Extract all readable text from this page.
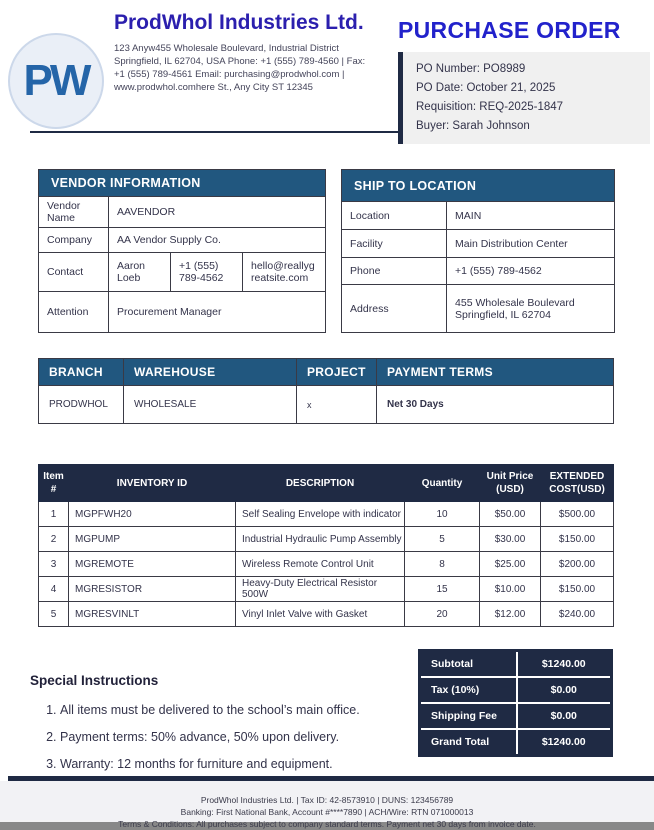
PW
ProdWhol Industries Ltd.
123 Anyw455 Wholesale Boulevard, Industrial District Springfield, IL 62704, USA Phone: +1 (555) 789-4560 | Fax: +1 (555) 789-4561 Email: purchasing@prodwhol.com | www.prodwhol.comhere St., Any City ST 12345
PURCHASE ORDER
PO Number: PO8989
PO Date: October 21, 2025
Requisition: REQ-2025-1847
Buyer: Sarah Johnson
VENDOR INFORMATION			
Vendor Name	AAVENDOR		
Company	AA Vendor Supply Co.		
Contact	Aaron Loeb	+1 (555) 789-4562	hello@reallygreatsite.com
Attention	Procurement Manager		
SHIP TO LOCATION	
Location	MAIN
Facility	Main Distribution Center
Phone	+1 (555) 789-4562
Address	455 Wholesale Boulevard
Springfield, IL 62704
BRANCH	WAREHOUSE	PROJECT	PAYMENT TERMS
PRODWHOL	WHOLESALE	x	Net 30 Days
Item #	INVENTORY ID	DESCRIPTION	Quantity	Unit Price (USD)	EXTENDED COST(USD)
1	MGPFWH20	Self Sealing Envelope with indicator	10	$50.00	$500.00
2	MGPUMP	Industrial Hydraulic Pump Assembly	5	$30.00	$150.00
3	MGREMOTE	Wireless Remote Control Unit	8	$25.00	$200.00
4	MGRESISTOR	Heavy-Duty Electrical Resistor 500W	15	$10.00	$150.00
5	MGRESVINLT	Vinyl Inlet Valve with Gasket	20	$12.00	$240.00
Special Instructions
1. All items must be delivered to the school’s main office.
2. Payment terms: 50% advance, 50% upon delivery.
3. Warranty: 12 months for furniture and equipment.
Subtotal	$1240.00
Tax (10%)	$0.00
Shipping Fee	$0.00
Grand Total	$1240.00
ProdWhol Industries Ltd. | Tax ID: 42-8573910 | DUNS: 123456789
Banking: First National Bank, Account #****7890 | ACH/Wire: RTN 071000013
Terms & Conditions: All purchases subject to company standard terms. Payment net 30 days from invoice date.
